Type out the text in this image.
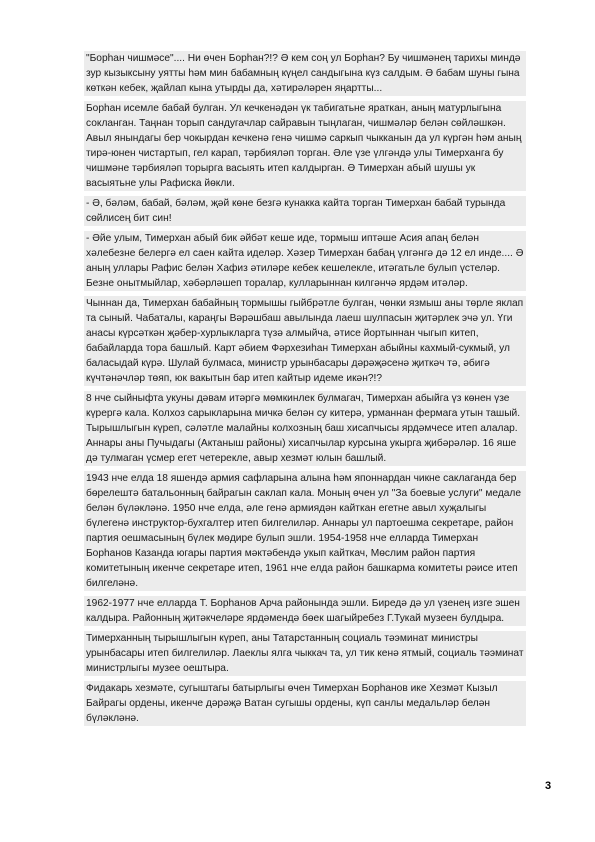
"Борһан чишмәсе".... Ни өчен Борһан?!? Ә кем соң ул Борһан? Бу чишмәнең тарихы миндә зур кызыксыну уятты һәм мин бабамның күңел сандыгына күз салдым. Ә бабам шуны гына көткән кебек, җайлап кына утырды да, хәтирәләрен яңартты...

Борһан исемле бабай булган. Ул кечкенәдән үк табигатьне яраткан, аның матурлыгына сокланган. Таңнан торып сандугачлар сайравын тыңлаган, чишмәләр белән сөйләшкән. Авыл янындагы бер чокырдан кечкенә генә чишмә саркып чыкканын да ул күргән һәм аның тирә-юнен чистартып, гел карап, тәрбияләп торган. Әле үзе үлгәндә улы Тимерханга бу чишмәне тәрбияләп торырга васыять итеп калдырган. Ә Тимерхан абый шушы ук васыятьне улы Рафиска йөкли.

- Ә, бәләм, бабай, бәләм, җәй көне безгә кунакка кайта торган Тимерхан бабай турында сөйлисең бит син!

- Әйе улым, Тимерхан абый бик әйбәт кеше иде, тормыш иптәше Асия апаң белән хәлебезне белергә ел саен кайта иделәр. Хәзер Тимерхан бабаң үлгәнгә дә 12 ел инде.... Ә аның уллары Рафис белән Хафиз әтиләре кебек кешелекле, итәгатьле булып үстеләр. Безне онытмыйлар, хәбәрләшеп торалар, кулларыннан килгәнчә ярдәм итәләр.

Чыннан да, Тимерхан бабайның тормышы гыйбрәтле булган, чөнки язмыш аны төрле яклап та сыный. Чабаталы, караңгы Вәрәшбаш авылында лаеш шулпасын җитәрлек эчә ул. Үги анасы күрсәткән җәбер-хурлыкларга түзә алмыйча, әтисе йортыннан чыгып китеп, бабайларда тора башлый. Карт әбием Фәрхезиһан Тимерхан абыйны кахмый-сукмый, ул баласыдай күрә. Шулай булмаса, министр урынбасары дәрәҗәсенә җиткәч тә, әбигә күчтәнәчләр төяп, юк вакытын бар итеп кайтыр идеме икән?!?

8 нче сыйныфта укуны дәвам итәргә мөмкинлек булмагач, Тимерхан абыйга үз көнен үзе күрергә кала. Колхоз сарыкларына мичкә белән су китерә, урманнан фермага утын ташый. Тырышлыгын күреп, сәләтле малайны колхозның баш хисапчысы ярдәмчесе итеп алалар. Аннары аны Пучыдагы (Актаныш районы) хисапчылар курсына укырга җибәрәләр. 16 яше дә тулмаган үсмер егет четерекле, авыр хезмәт юлын башлый.

1943 нче елда 18 яшендә армия сафларына алына һәм японнардан чикне саклаганда бер бөрелештә батальонның байрагын саклап кала. Моның өчен ул "За боевые услуги" медале белән бүләкләнә. 1950 нче елда, әле генә армиядән кайткан егетне авыл хуҗалыгы бүлегенә инструктор-бухгалтер итеп билгелиләр. Аннары ул партоешма секретаре, район партия оешмасының бүлек мөдире булып эшли. 1954-1958 нче елларда Тимерхан Борһанов Казанда югары партия мәктәбендә укып кайткач, Мөслим район партия комитетының икенче секретаре итеп, 1961 нче елда район башкарма комитеты рәисе итеп билгеләнә.

1962-1977 нче елларда Т. Борһанов Арча районында эшли. Биредә дә ул үзенең изге эшен калдыра. Районның җитәкчеләре ярдәмендә бөек шагыйребез Г.Тукай музеен булдыра.

Тимерханның тырышлыгын күреп, аны Татарстанның социаль тәэминат министры урынбасары итеп билгелиләр. Лаеклы ялга чыккач та, ул тик кенә ятмый, социаль тәэминат министрлыгы музее оештыра.

Фидакарь хезмәте, сугыштагы батырлыгы өчен Тимерхан Борһанов ике Хезмәт Кызыл Байрагы ордены, икенче дәрәҗә Ватан сугышы ордены, күп санлы медальләр белән бүләкләнә.

3
